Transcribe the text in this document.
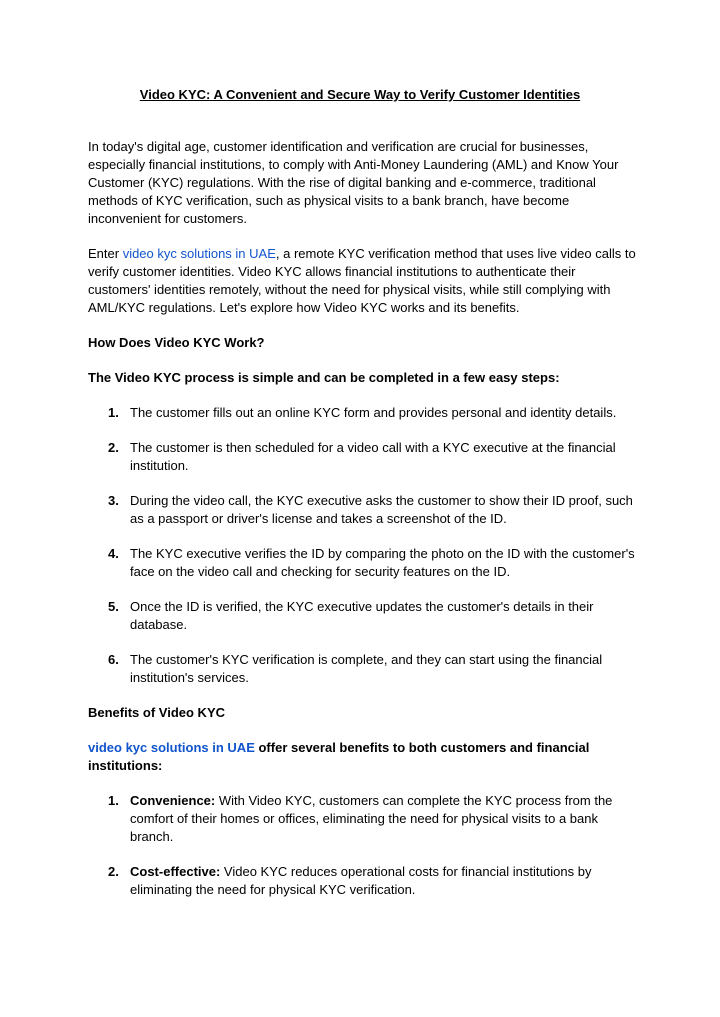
Video KYC: A Convenient and Secure Way to Verify Customer Identities

In today's digital age, customer identification and verification are crucial for businesses, especially financial institutions, to comply with Anti-Money Laundering (AML) and Know Your Customer (KYC) regulations. With the rise of digital banking and e-commerce, traditional methods of KYC verification, such as physical visits to a bank branch, have become inconvenient for customers.

Enter video kyc solutions in UAE, a remote KYC verification method that uses live video calls to verify customer identities. Video KYC allows financial institutions to authenticate their customers' identities remotely, without the need for physical visits, while still complying with AML/KYC regulations. Let's explore how Video KYC works and its benefits.

How Does Video KYC Work?

The Video KYC process is simple and can be completed in a few easy steps:

1. The customer fills out an online KYC form and provides personal and identity details.
2. The customer is then scheduled for a video call with a KYC executive at the financial institution.
3. During the video call, the KYC executive asks the customer to show their ID proof, such as a passport or driver's license and takes a screenshot of the ID.
4. The KYC executive verifies the ID by comparing the photo on the ID with the customer's face on the video call and checking for security features on the ID.
5. Once the ID is verified, the KYC executive updates the customer's details in their database.
6. The customer's KYC verification is complete, and they can start using the financial institution's services.

Benefits of Video KYC

video kyc solutions in UAE offer several benefits to both customers and financial institutions:

1. Convenience: With Video KYC, customers can complete the KYC process from the comfort of their homes or offices, eliminating the need for physical visits to a bank branch.
2. Cost-effective: Video KYC reduces operational costs for financial institutions by eliminating the need for physical KYC verification.
